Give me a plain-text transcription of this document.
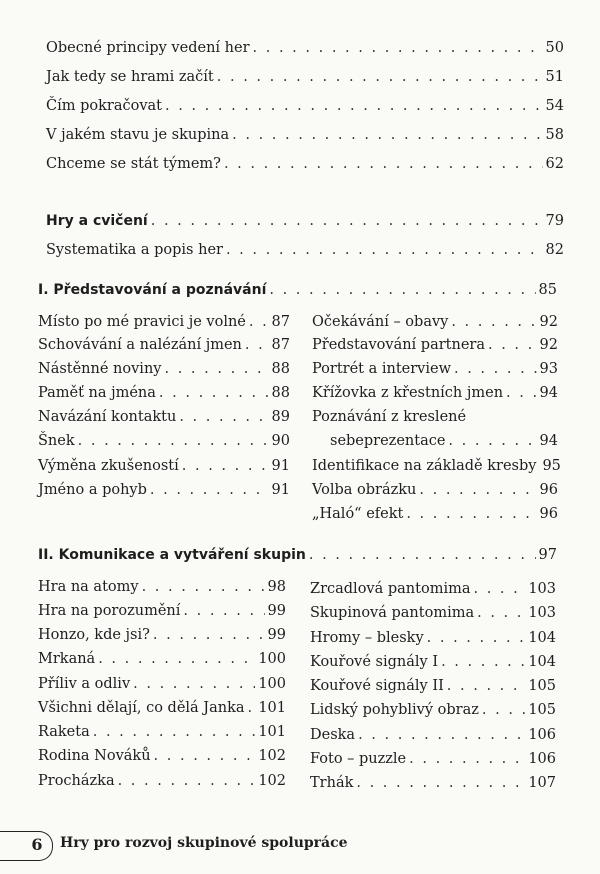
Obecné principy vedení her . . .	50
Jak tedy se hrami začít . . .	51
Čím pokračovat . . .	54
V jakém stavu je skupina . . .	58
Chceme se stát týmem? . . .	62
Hry a cvičení . . .	79
Systematika a popis her . . .	82
I. Představování a poznávání . . .	85
Místo po mé pravici je volné . . . 87
Schovávání a nalézání jmen . . . 87
Nástěnné noviny . . .	88
Paměť na jména . . .	88
Navázání kontaktu . . .	89
Šnek . . .	90
Výměna zkušeností . . .	91
Jméno a pohyb . . .	91
Očekávání – obavy . . .	92
Představování partnera . . .	92
Portrét a interview . . .	93
Křížovka z křestních jmen . . .	94
Poznávání z kreslené
sebeprezentace . . .	94
Identifikace na základě kresby 95
Volba obrázku . . .	96
„Haló“ efekt . . .	96
II. Komunikace a vytváření skupin . . .	97
Hra na atomy . . .	98
Hra na porozumění . . .	99
Honzo, kde jsi? . . .	99
Mrkaná . . .	100
Příliv a odliv . . .	100
Všichni dělají, co dělá Janka . . . 101
Raketa . . .	101
Rodina Nováků . . .	102
Procházka . . .	102
Zrcadlová pantomima . . .	103
Skupinová pantomima . . .	103
Hromy – blesky . . .	104
Kouřové signály I . . .	104
Kouřové signály II . . .	105
Lidský pohyblivý obraz . . .	105
Deska . . .	106
Foto – puzzle . . .	106
Trhák . . .	107
6	Hry pro rozvoj skupinové spolupráce
